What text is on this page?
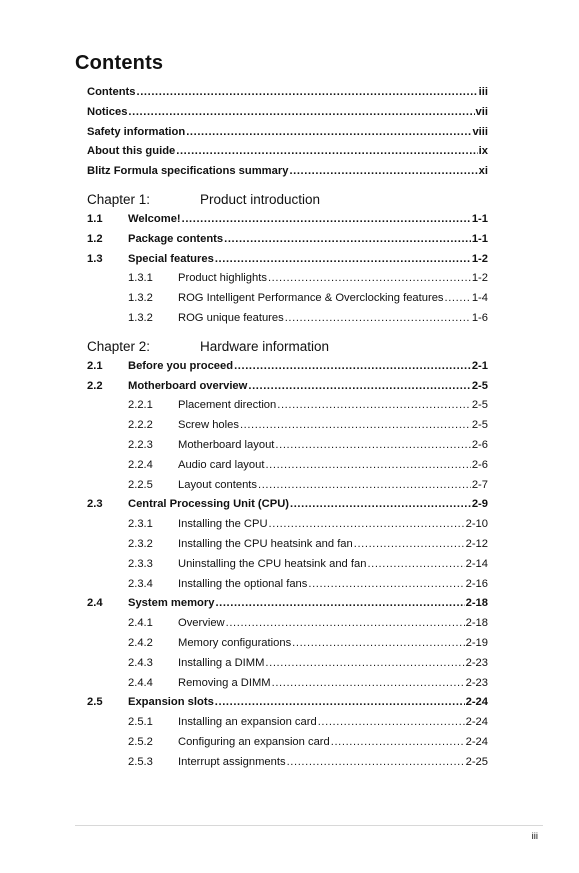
Contents
Contents .....	iii
Notices .....	vii
Safety information .....	viii
About this guide .....	ix
Blitz Formula specifications summary .....	xi
Chapter 1:	Product introduction
1.1	Welcome! .....	1-1
1.2	Package contents .....	1-1
1.3	Special features .....	1-2
1.3.1	Product highlights .....	1-2
1.3.2	ROG Intelligent Performance & Overclocking features .....	1-4
1.3.2	ROG unique features .....	1-6
Chapter 2:	Hardware information
2.1	Before you proceed .....	2-1
2.2	Motherboard overview .....	2-5
2.2.1	Placement direction .....	2-5
2.2.2	Screw holes .....	2-5
2.2.3	Motherboard layout .....	2-6
2.2.4	Audio card layout .....	2-6
2.2.5	Layout contents .....	2-7
2.3	Central Processing Unit (CPU) .....	2-9
2.3.1	Installing the CPU .....	2-10
2.3.2	Installing the CPU heatsink and fan .....	2-12
2.3.3	Uninstalling the CPU heatsink and fan .....	2-14
2.3.4	Installing the optional fans .....	2-16
2.4	System memory .....	2-18
2.4.1	Overview .....	2-18
2.4.2	Memory configurations .....	2-19
2.4.3	Installing a DIMM .....	2-23
2.4.4	Removing a DIMM .....	2-23
2.5	Expansion slots .....	2-24
2.5.1	Installing an expansion card .....	2-24
2.5.2	Configuring an expansion card .....	2-24
2.5.3	Interrupt assignments .....	2-25
iii
